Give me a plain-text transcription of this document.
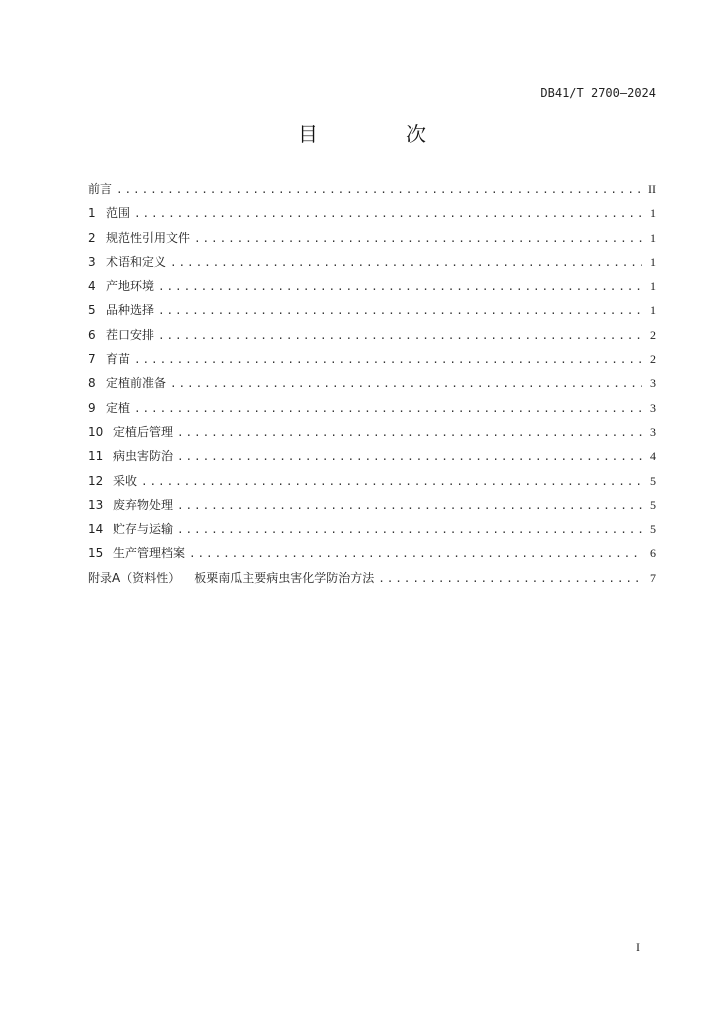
DB41/T 2700—2024
目　次
前言 .....	II
1 范围 .....	1
2 规范性引用文件 .....	1
3 术语和定义 .....	1
4 产地环境 .....	1
5 品种选择 .....	1
6 茬口安排 .....	2
7 育苗 .....	2
8 定植前准备 .....	3
9 定植 .....	3
10 定植后管理 .....	3
11 病虫害防治 .....	4
12 采收 .....	5
13 废弃物处理 .....	5
14 贮存与运输 .....	5
15 生产管理档案 .....	6
附录A（资料性） 板栗南瓜主要病虫害化学防治方法 .....	7
I
